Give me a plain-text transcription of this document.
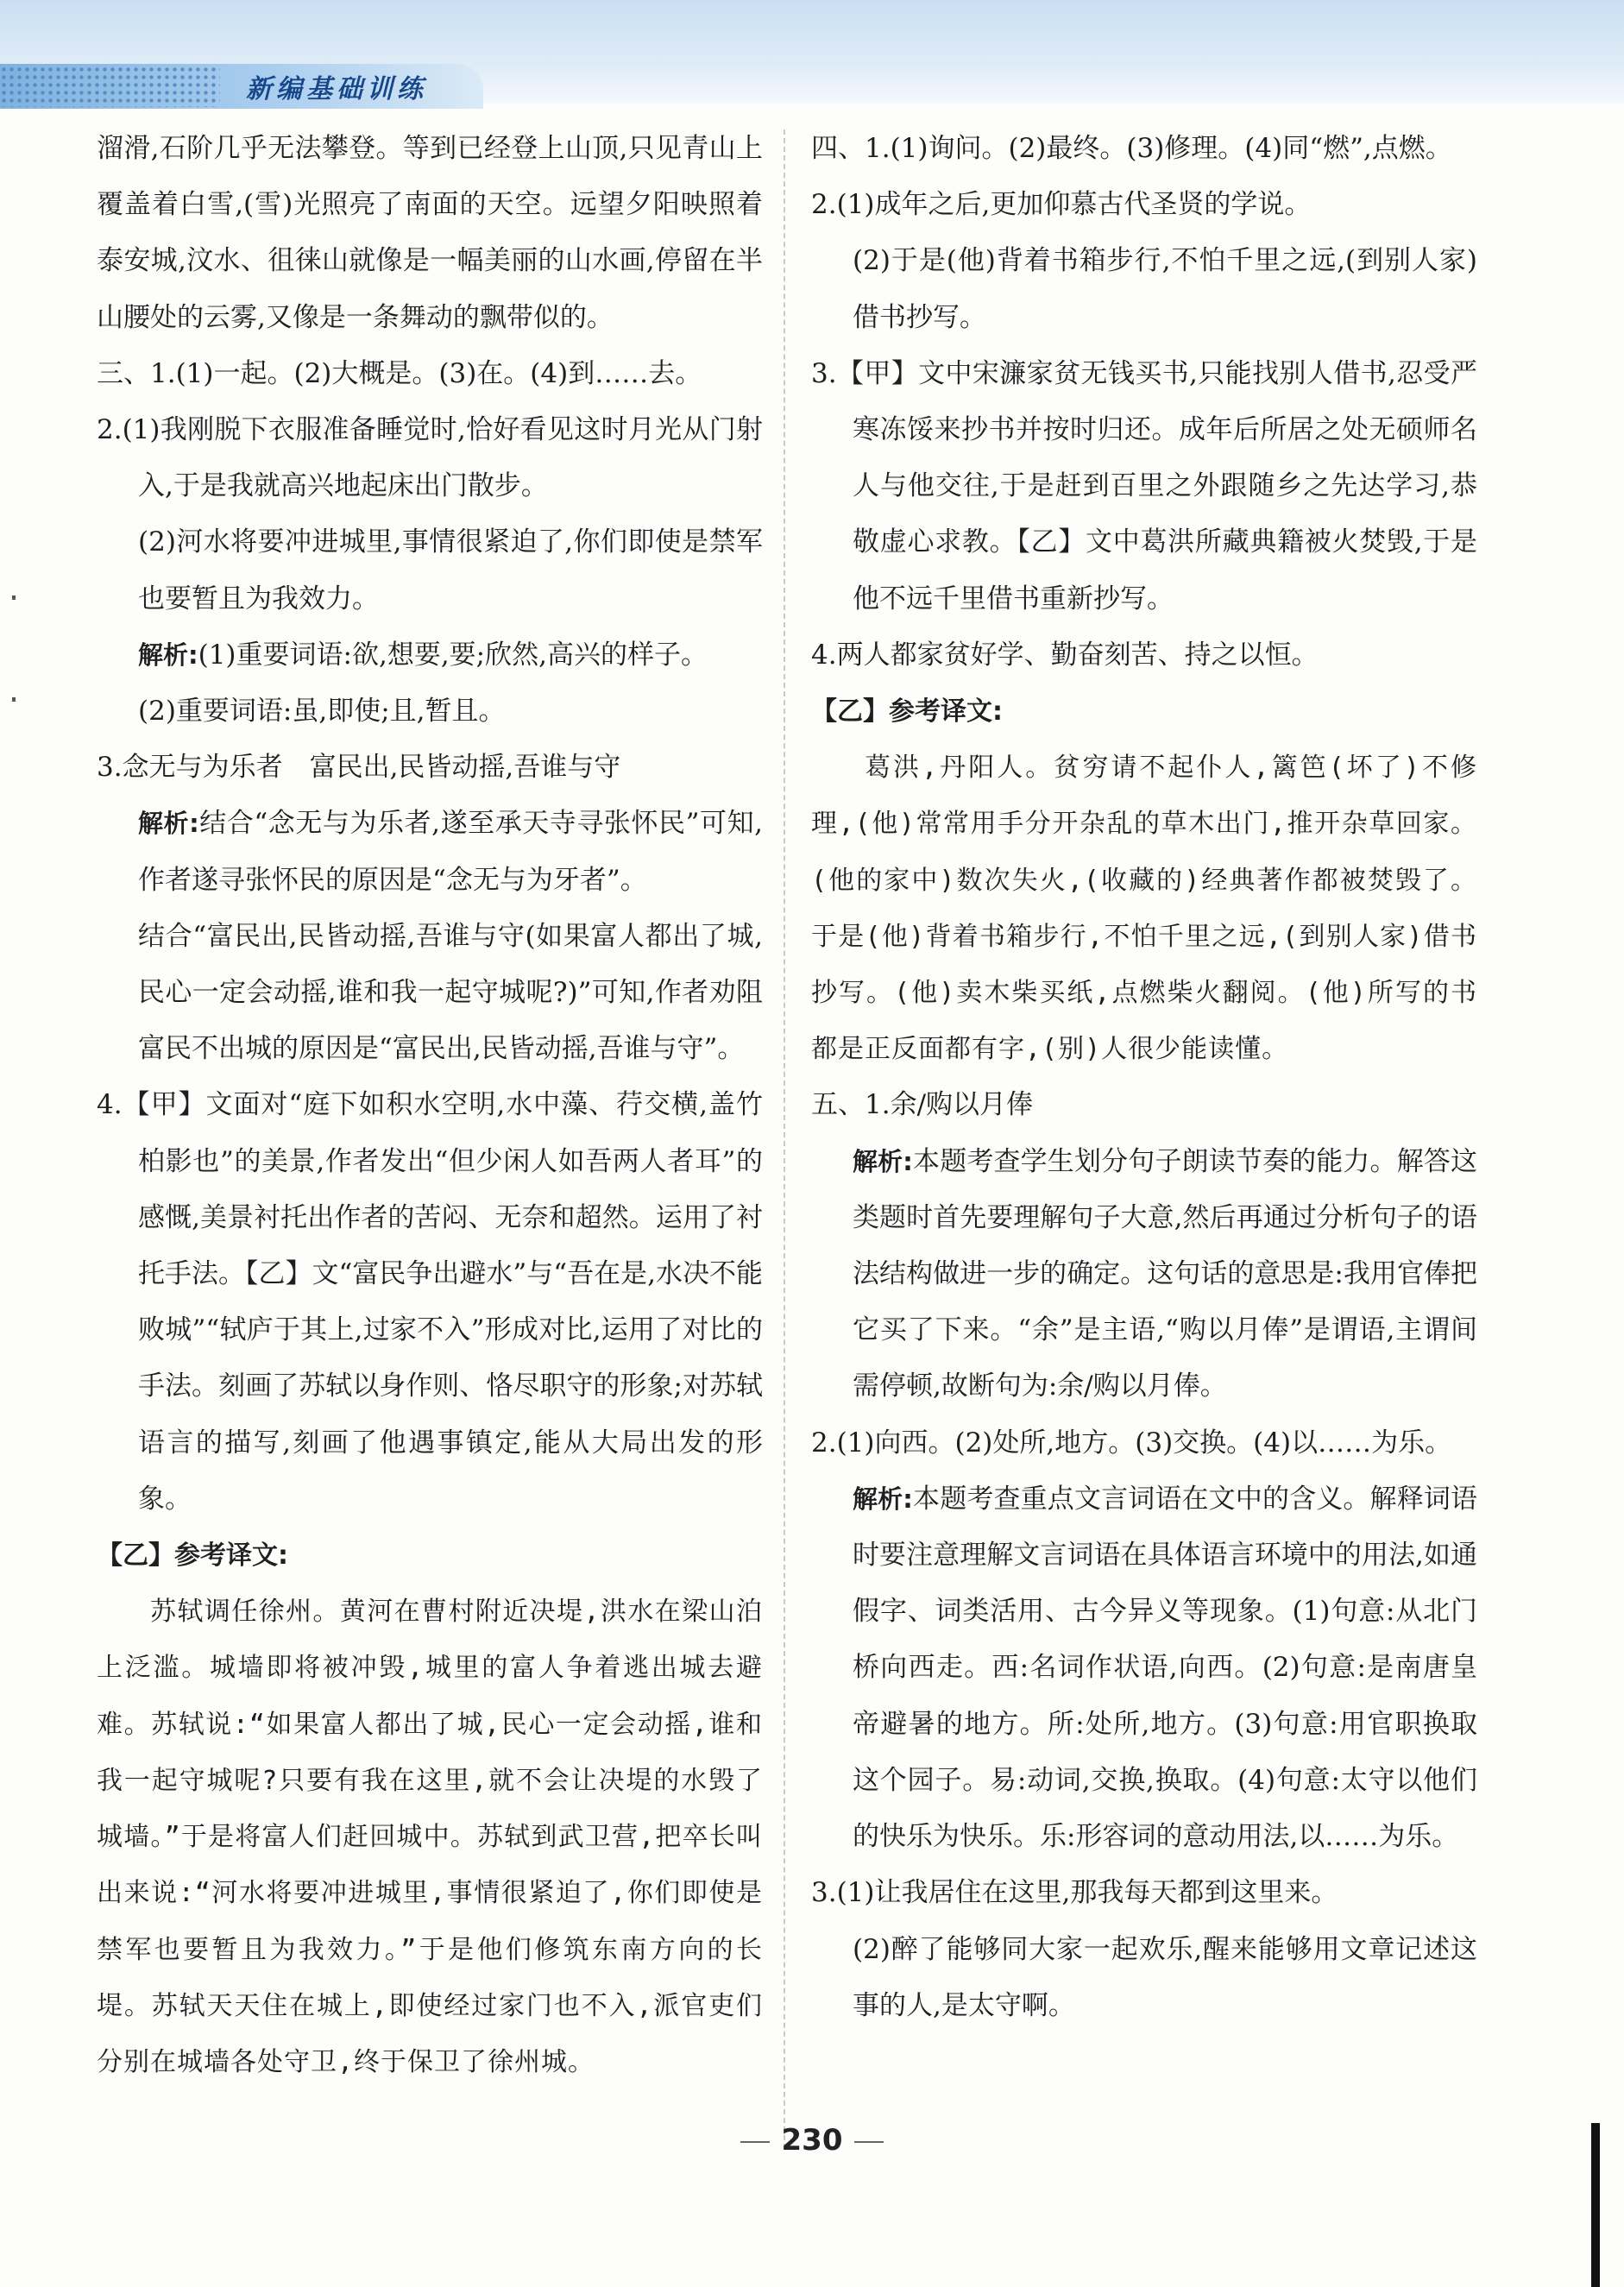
新编基础训练

溜滑,石阶几乎无法攀登。等到已经登上山顶,只见青山上覆盖着白雪,(雪)光照亮了南面的天空。远望夕阳映照着泰安城,汶水、徂徕山就像是一幅美丽的山水画,停留在半山腰处的云雾,又像是一条舞动的飘带似的。

三、1.(1)一起。(2)大概是。(3)在。(4)到……去。

2.(1)我刚脱下衣服准备睡觉时,恰好看见这时月光从门射入,于是我就高兴地起床出门散步。

(2)河水将要冲进城里,事情很紧迫了,你们即使是禁军也要暂且为我效力。

解析:(1)重要词语:欲,想要,要;欣然,高兴的样子。

(2)重要词语:虽,即使;且,暂且。

3.念无与为乐者　富民出,民皆动摇,吾谁与守

解析:结合“念无与为乐者,遂至承天寺寻张怀民”可知,作者遂寻张怀民的原因是“念无与为牙者”。

结合“富民出,民皆动摇,吾谁与守(如果富人都出了城,民心一定会动摇,谁和我一起守城呢?)”可知,作者劝阻富民不出城的原因是“富民出,民皆动摇,吾谁与守”。

4.【甲】文面对“庭下如积水空明,水中藻、荇交横,盖竹柏影也”的美景,作者发出“但少闲人如吾两人者耳”的感慨,美景衬托出作者的苦闷、无奈和超然。运用了衬托手法。【乙】文“富民争出避水”与“吾在是,水决不能败城”“轼庐于其上,过家不入”形成对比,运用了对比的手法。刻画了苏轼以身作则、恪尽职守的形象;对苏轼语言的描写,刻画了他遇事镇定,能从大局出发的形象。

【乙】参考译文:

苏轼调任徐州。黄河在曹村附近决堤,洪水在梁山泊上泛滥。城墙即将被冲毁,城里的富人争着逃出城去避难。苏轼说:“如果富人都出了城,民心一定会动摇,谁和我一起守城呢?只要有我在这里,就不会让决堤的水毁了城墙。”于是将富人们赶回城中。苏轼到武卫营,把卒长叫出来说:“河水将要冲进城里,事情很紧迫了,你们即使是禁军也要暂且为我效力。”于是他们修筑东南方向的长堤。苏轼天天住在城上,即使经过家门也不入,派官吏们分别在城墙各处守卫,终于保卫了徐州城。

四、1.(1)询问。(2)最终。(3)修理。(4)同“燃”,点燃。

2.(1)成年之后,更加仰慕古代圣贤的学说。

(2)于是(他)背着书箱步行,不怕千里之远,(到别人家)借书抄写。

3.【甲】文中宋濂家贫无钱买书,只能找别人借书,忍受严寒冻馁来抄书并按时归还。成年后所居之处无硕师名人与他交往,于是赶到百里之外跟随乡之先达学习,恭敬虚心求教。【乙】文中葛洪所藏典籍被火焚毁,于是他不远千里借书重新抄写。

4.两人都家贫好学、勤奋刻苦、持之以恒。

【乙】参考译文:

葛洪,丹阳人。贫穷请不起仆人,篱笆(坏了)不修理,(他)常常用手分开杂乱的草木出门,推开杂草回家。(他的家中)数次失火,(收藏的)经典著作都被焚毁了。于是(他)背着书箱步行,不怕千里之远,(到别人家)借书抄写。(他)卖木柴买纸,点燃柴火翻阅。(他)所写的书都是正反面都有字,(别)人很少能读懂。

五、1.余/购以月俸

解析:本题考查学生划分句子朗读节奏的能力。解答这类题时首先要理解句子大意,然后再通过分析句子的语法结构做进一步的确定。这句话的意思是:我用官俸把它买了下来。“余”是主语,“购以月俸”是谓语,主谓间需停顿,故断句为:余/购以月俸。

2.(1)向西。(2)处所,地方。(3)交换。(4)以……为乐。

解析:本题考查重点文言词语在文中的含义。解释词语时要注意理解文言词语在具体语言环境中的用法,如通假字、词类活用、古今异义等现象。(1)句意:从北门桥向西走。西:名词作状语,向西。(2)句意:是南唐皇帝避暑的地方。所:处所,地方。(3)句意:用官职换取这个园子。易:动词,交换,换取。(4)句意:太守以他们的快乐为快乐。乐:形容词的意动用法,以……为乐。

3.(1)让我居住在这里,那我每天都到这里来。

(2)醉了能够同大家一起欢乐,醒来能够用文章记述这事的人,是太守啊。

230
